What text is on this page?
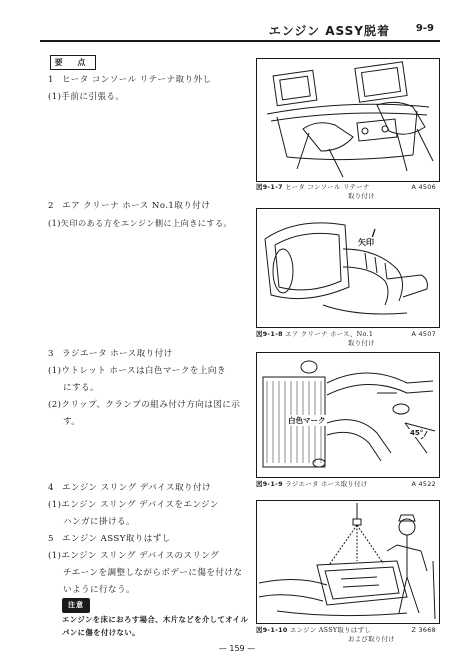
エンジン ASSY脱着	9-9
要 点
1 ヒータ コンソール リテーナ取り外し
(1)手前に引張る。
2 エア クリーナ ホース No.1取り付け
(1)矢印のある方をエンジン側に上向きにする。
3 ラジエータ ホース取り付け
(1)ウトレット ホースは白色マークを上向き
にする。
(2)クリップ、クランプの組み付け方向は図に示
す。
4 エンジン スリング デバイス取り付け
(1)エンジン スリング デバイスをエンジン
ハンガに掛ける。
5 エンジン ASSY取りはずし
(1)エンジン スリング デバイスのスリング
チエーンを調整しながらボデーに傷を付けな
いように行なう。
注意
エンジンを床におろす場合、木片などを介してオイル
パンに傷を付けない。
図9-1-7 ヒータ コンソール リテーナ
取り付け
A 4506
矢印
図9-1-8 エア クリーナ ホース、No.1
取り付け
A 4507
白色マーク
45°
図9-1-9 ラジエータ ホース取り付け	A 4522
図9-1-10 エンジン ASSY取りはずし
および取り付け
Z 3668
— 159 —
